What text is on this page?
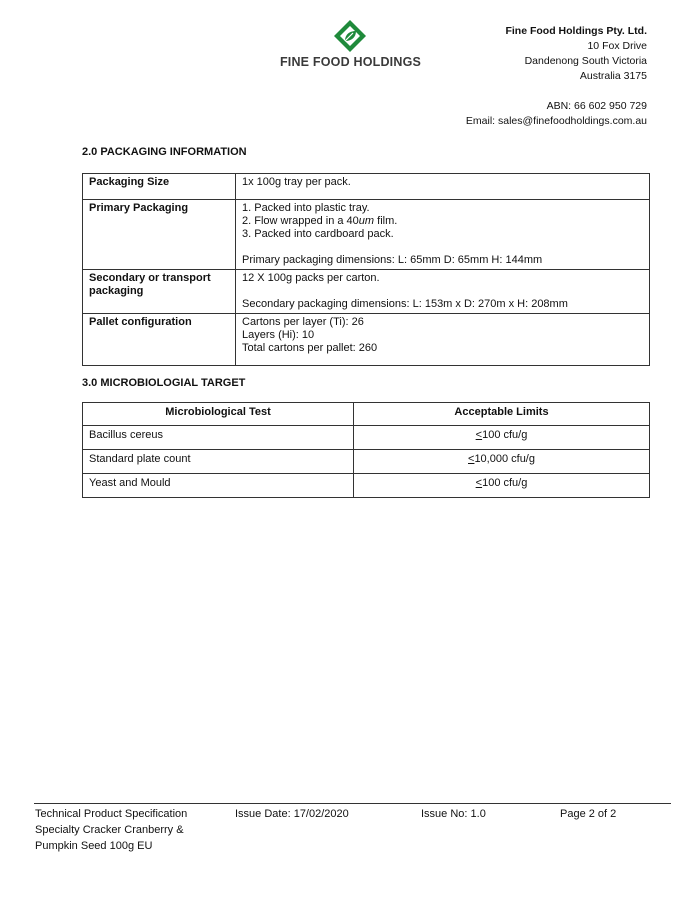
FINE FOOD HOLDINGS
Fine Food Holdings Pty. Ltd.
10 Fox Drive
Dandenong South Victoria
Australia 3175
ABN: 66 602 950 729
Email: sales@finefoodholdings.com.au
2.0 PACKAGING INFORMATION
Packaging Size	1x 100g tray per pack.
Primary Packaging	1. Packed into plastic tray.
2. Flow wrapped in a 40um film.
3. Packed into cardboard pack.
Primary packaging dimensions: L: 65mm D: 65mm H: 144mm

Secondary or transport packaging	12 X 100g packs per carton.
Secondary packaging dimensions: L: 153m x D: 270m x H: 208mm

Pallet configuration	Cartons per layer (Ti): 26
Layers (Hi): 10
Total cartons per pallet: 260
3.0 MICROBIOLOGIAL TARGET
Microbiological Test	Acceptable Limits
Bacillus cereus	<100 cfu/g
Standard plate count	<10,000 cfu/g
Yeast and Mould	<100 cfu/g
Technical Product Specification
Specialty Cracker Cranberry &
Pumpkin Seed 100g EU
Issue Date: 17/02/2020	Issue No: 1.0	Page 2 of 2
